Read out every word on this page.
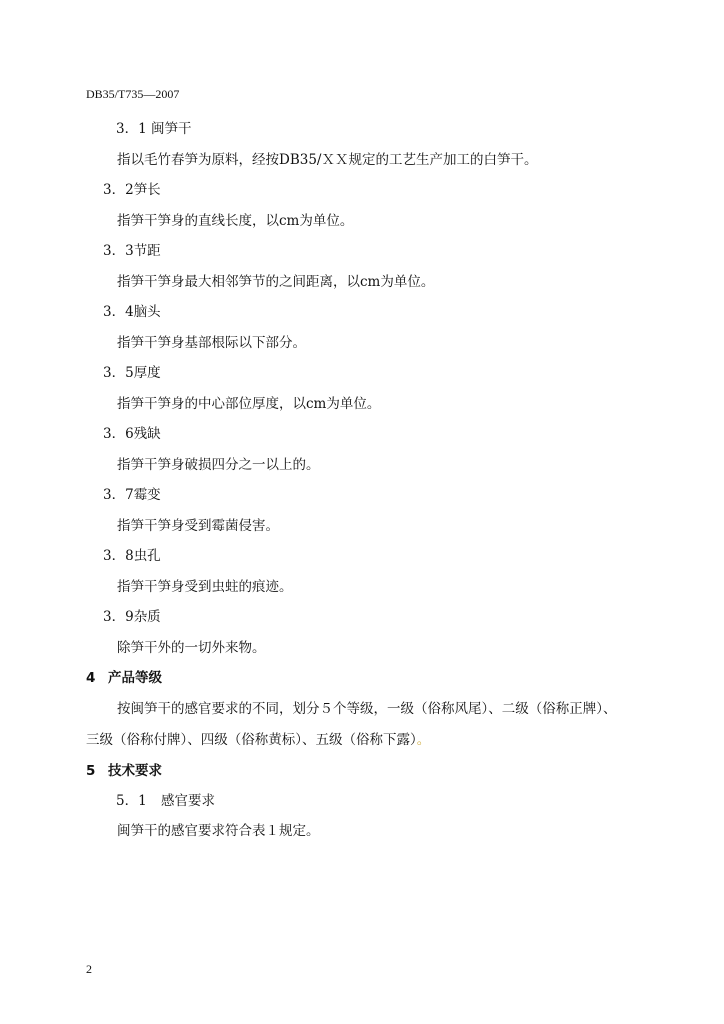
DB35/T735—2007
3．1 闽笋干
指以毛竹春笋为原料，经按DB35/ＸＸ规定的工艺生产加工的白笋干。
3．2笋长
指笋干笋身的直线长度，以cm为单位。
3．3节距
指笋干笋身最大相邻笋节的之间距离，以cm为单位。
3．4脑头
指笋干笋身基部根际以下部分。
3．5厚度
指笋干笋身的中心部位厚度，以cm为单位。
3．6残缺
指笋干笋身破损四分之一以上的。
3．7霉变
指笋干笋身受到霉菌侵害。
3．8虫孔
指笋干笋身受到虫蛀的痕迹。
3．9杂质
除笋干外的一切外来物。
4 产品等级
按闽笋干的感官要求的不同，划分５个等级，一级（俗称风尾）、二级（俗称正牌）、
三级（俗称付牌）、四级（俗称黄标）、五级（俗称下露）。
5 技术要求
5．1 感官要求
闽笋干的感官要求符合表１规定。
2
